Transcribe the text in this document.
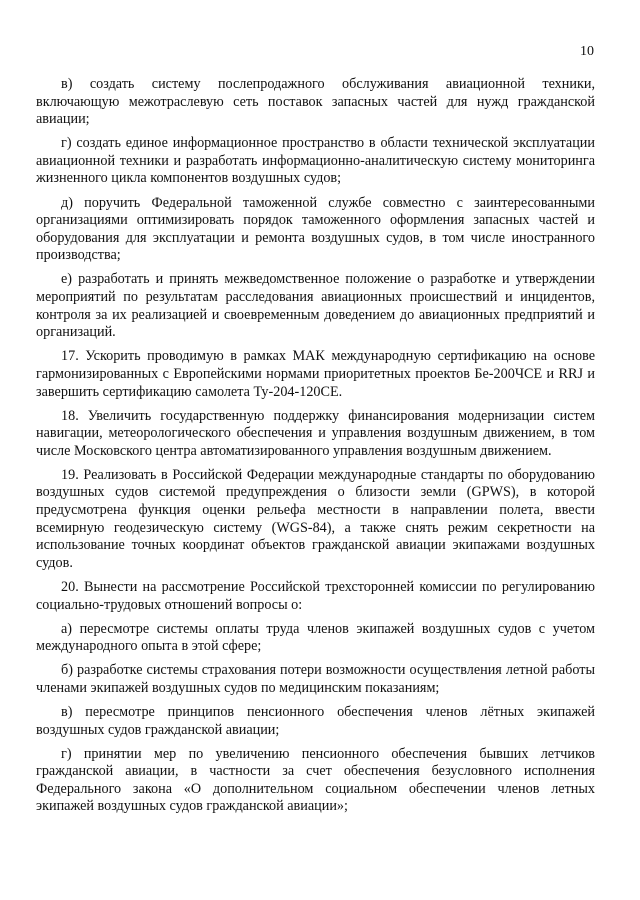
10

в) создать систему послепродажного обслуживания авиационной техники, включающую межотраслевую сеть поставок запасных частей для нужд гражданской авиации;

г) создать единое информационное пространство в области технической эксплуатации авиационной техники и разработать информационно-аналитическую систему мониторинга жизненного цикла компонентов воздушных судов;

д) поручить Федеральной таможенной службе совместно с заинтересованными организациями оптимизировать порядок таможенного оформления запасных частей и оборудования для эксплуатации и ремонта воздушных судов, в том числе иностранного производства;

е) разработать и принять межведомственное положение о разработке и утверждении мероприятий по результатам расследования авиационных происшествий и инцидентов, контроля за их реализацией и своевременным доведением до авиационных предприятий и организаций.

17. Ускорить проводимую в рамках МАК международную сертификацию на основе гармонизированных с Европейскими нормами приоритетных проектов Бе-200ЧСЕ и RRJ и завершить сертификацию самолета Ту-204-120СЕ.

18. Увеличить государственную поддержку финансирования модернизации систем навигации, метеорологического обеспечения и управления воздушным движением, в том числе Московского центра автоматизированного управления воздушным движением.

19. Реализовать в Российской Федерации международные стандарты по оборудованию воздушных судов системой предупреждения о близости земли (GPWS), в которой предусмотрена функция оценки рельефа местности в направлении полета, ввести всемирную геодезическую систему (WGS-84), а также снять режим секретности на использование точных координат объектов гражданской авиации экипажами воздушных судов.

20. Вынести на рассмотрение Российской трехсторонней комиссии по регулированию социально-трудовых отношений вопросы о:

а) пересмотре системы оплаты труда членов экипажей воздушных судов с учетом международного опыта в этой сфере;

б) разработке системы страхования потери возможности осуществления летной работы членами экипажей воздушных судов по медицинским показаниям;

в) пересмотре принципов пенсионного обеспечения членов лётных экипажей воздушных судов гражданской авиации;

г) принятии мер по увеличению пенсионного обеспечения бывших летчиков гражданской авиации, в частности за счет обеспечения безусловного исполнения Федерального закона «О дополнительном социальном обеспечении членов летных экипажей воздушных судов гражданской авиации»;
